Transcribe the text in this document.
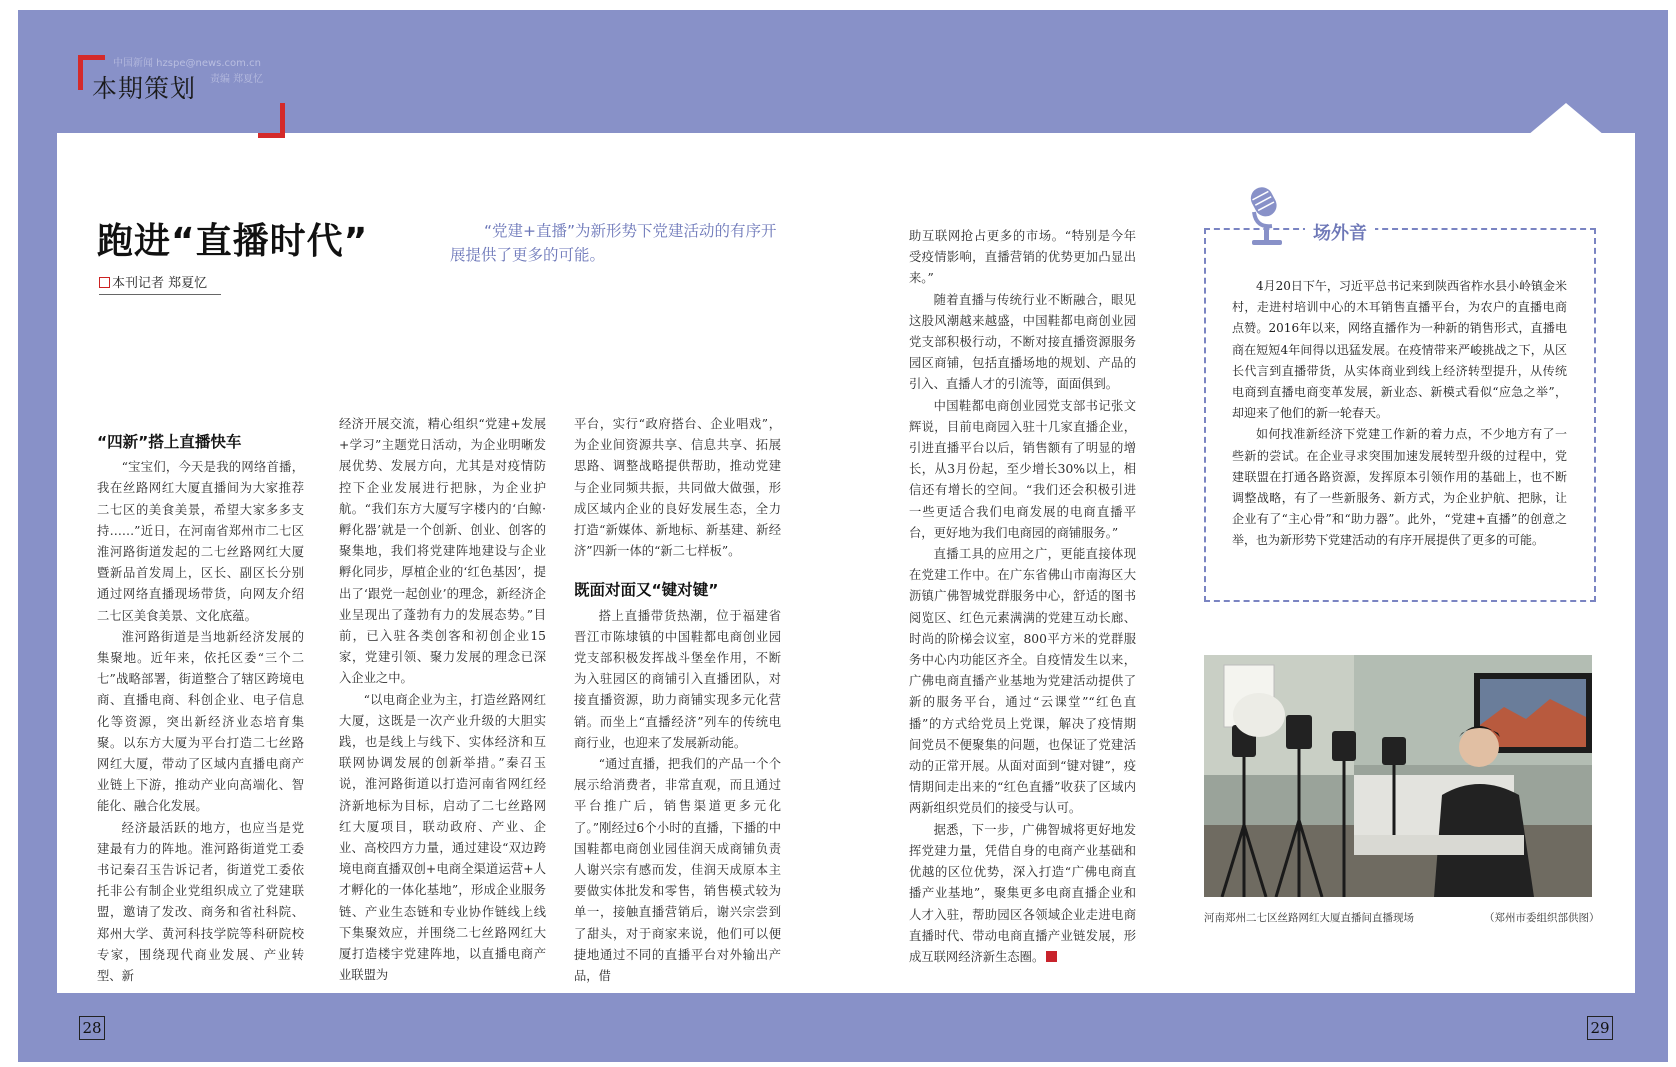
中国新闻 hzspe@news.com.cn
责编 郑夏忆
本期策划
跑进“直播时代”
本刊记者 郑夏忆
“党建+直播”为新形势下党建活动的有序开展提供了更多的可能。
“四新”搭上直播快车

“宝宝们，今天是我的网络首播，我在丝路网红大厦直播间为大家推荐二七区的美食美景，希望大家多多支持……”近日，在河南省郑州市二七区淮河路街道发起的二七丝路网红大厦暨新品首发周上，区长、副区长分别通过网络直播现场带货，向网友介绍二七区美食美景、文化底蕴。

淮河路街道是当地新经济发展的集聚地。近年来，依托区委“三个二七”战略部署，街道整合了辖区跨境电商、直播电商、科创企业、电子信息化等资源，突出新经济业态培育集聚。以东方大厦为平台打造二七丝路网红大厦，带动了区域内直播电商产业链上下游，推动产业向高端化、智能化、融合化发展。

经济最活跃的地方，也应当是党建最有力的阵地。淮河路街道党工委书记秦召玉告诉记者，街道党工委依托非公有制企业党组织成立了党建联盟，邀请了发改、商务和省社科院、郑州大学、黄河科技学院等科研院校专家，围绕现代商业发展、产业转型、新

经济开展交流，精心组织“党建+发展+学习”主题党日活动，为企业明晰发展优势、发展方向，尤其是对疫情防控下企业发展进行把脉，为企业护航。“我们东方大厦写字楼内的‘白鲸·孵化器’就是一个创新、创业、创客的聚集地，我们将党建阵地建设与企业孵化同步，厚植企业的‘红色基因’，提出了‘跟党一起创业’的理念，新经济企业呈现出了蓬勃有力的发展态势。”目前，已入驻各类创客和初创企业15家，党建引领、聚力发展的理念已深入企业之中。

“以电商企业为主，打造丝路网红大厦，这既是一次产业升级的大胆实践，也是线上与线下、实体经济和互联网协调发展的创新举措。”秦召玉说，淮河路街道以打造河南省网红经济新地标为目标，启动了二七丝路网红大厦项目，联动政府、产业、企业、高校四方力量，通过建设“双边跨境电商直播双创+电商全渠道运营+人才孵化的一体化基地”，形成企业服务链、产业生态链和专业协作链线上线下集聚效应，并围绕二七丝路网红大厦打造楼宇党建阵地，以直播电商产业联盟为

平台，实行“政府搭台、企业唱戏”，为企业间资源共享、信息共享、拓展思路、调整战略提供帮助，推动党建与企业同频共振，共同做大做强，形成区域内企业的良好发展生态，全力打造“新媒体、新地标、新基建、新经济”四新一体的“新二七样板”。

既面对面又“键对键”

搭上直播带货热潮，位于福建省晋江市陈埭镇的中国鞋都电商创业园党支部积极发挥战斗堡垒作用，不断为入驻园区的商铺引入直播团队，对接直播资源，助力商铺实现多元化营销。而坐上“直播经济”列车的传统电商行业，也迎来了发展新动能。

“通过直播，把我们的产品一个个展示给消费者，非常直观，而且通过平台推广后，销售渠道更多元化了。”刚经过6个小时的直播，下播的中国鞋都电商创业园佳润天成商铺负责人谢兴宗有感而发，佳润天成原本主要做实体批发和零售，销售模式较为单一，接触直播营销后，谢兴宗尝到了甜头，对于商家来说，他们可以便捷地通过不同的直播平台对外输出产品，借

助互联网抢占更多的市场。“特别是今年受疫情影响，直播营销的优势更加凸显出来。”

随着直播与传统行业不断融合，眼见这股风潮越来越盛，中国鞋都电商创业园党支部积极行动，不断对接直播资源服务园区商铺，包括直播场地的规划、产品的引入、直播人才的引流等，面面俱到。

中国鞋都电商创业园党支部书记张文辉说，目前电商园入驻十几家直播企业，引进直播平台以后，销售额有了明显的增长，从3月份起，至少增长30%以上，相信还有增长的空间。“我们还会积极引进一些更适合我们电商发展的电商直播平台，更好地为我们电商园的商铺服务。”

直播工具的应用之广，更能直接体现在党建工作中。在广东省佛山市南海区大沥镇广佛智城党群服务中心，舒适的图书阅览区、红色元素满满的党建互动长廊、时尚的阶梯会议室，800平方米的党群服务中心内功能区齐全。自疫情发生以来，广佛电商直播产业基地为党建活动提供了新的服务平台，通过“云课堂”“红色直播”的方式给党员上党课，解决了疫情期间党员不便聚集的问题，也保证了党建活动的正常开展。从面对面到“键对键”，疫情期间走出来的“红色直播”收获了区域内两新组织党员们的接受与认可。

据悉，下一步，广佛智城将更好地发挥党建力量，凭借自身的电商产业基础和优越的区位优势，深入打造“广佛电商直播产业基地”，聚集更多电商直播企业和人才入驻，帮助园区各领域企业走进电商直播时代、带动电商直播产业链发展，形成互联网经济新生态圈。

场外音

4月20日下午，习近平总书记来到陕西省柞水县小岭镇金米村，走进村培训中心的木耳销售直播平台，为农户的直播电商点赞。2016年以来，网络直播作为一种新的销售形式，直播电商在短短4年间得以迅猛发展。在疫情带来严峻挑战之下，从区长代言到直播带货，从实体商业到线上经济转型提升，从传统电商到直播电商变革发展，新业态、新模式看似“应急之举”，却迎来了他们的新一轮春天。

如何找准新经济下党建工作新的着力点，不少地方有了一些新的尝试。在企业寻求突围加速发展转型升级的过程中，党建联盟在打通各路资源，发挥原本引领作用的基础上，也不断调整战略，有了一些新服务、新方式，为企业护航、把脉，让企业有了“主心骨”和“助力器”。此外，“党建+直播”的创意之举，也为新形势下党建活动的有序开展提供了更多的可能。

河南郑州二七区丝路网红大厦直播间直播现场	（郑州市委组织部供图）
28	29
